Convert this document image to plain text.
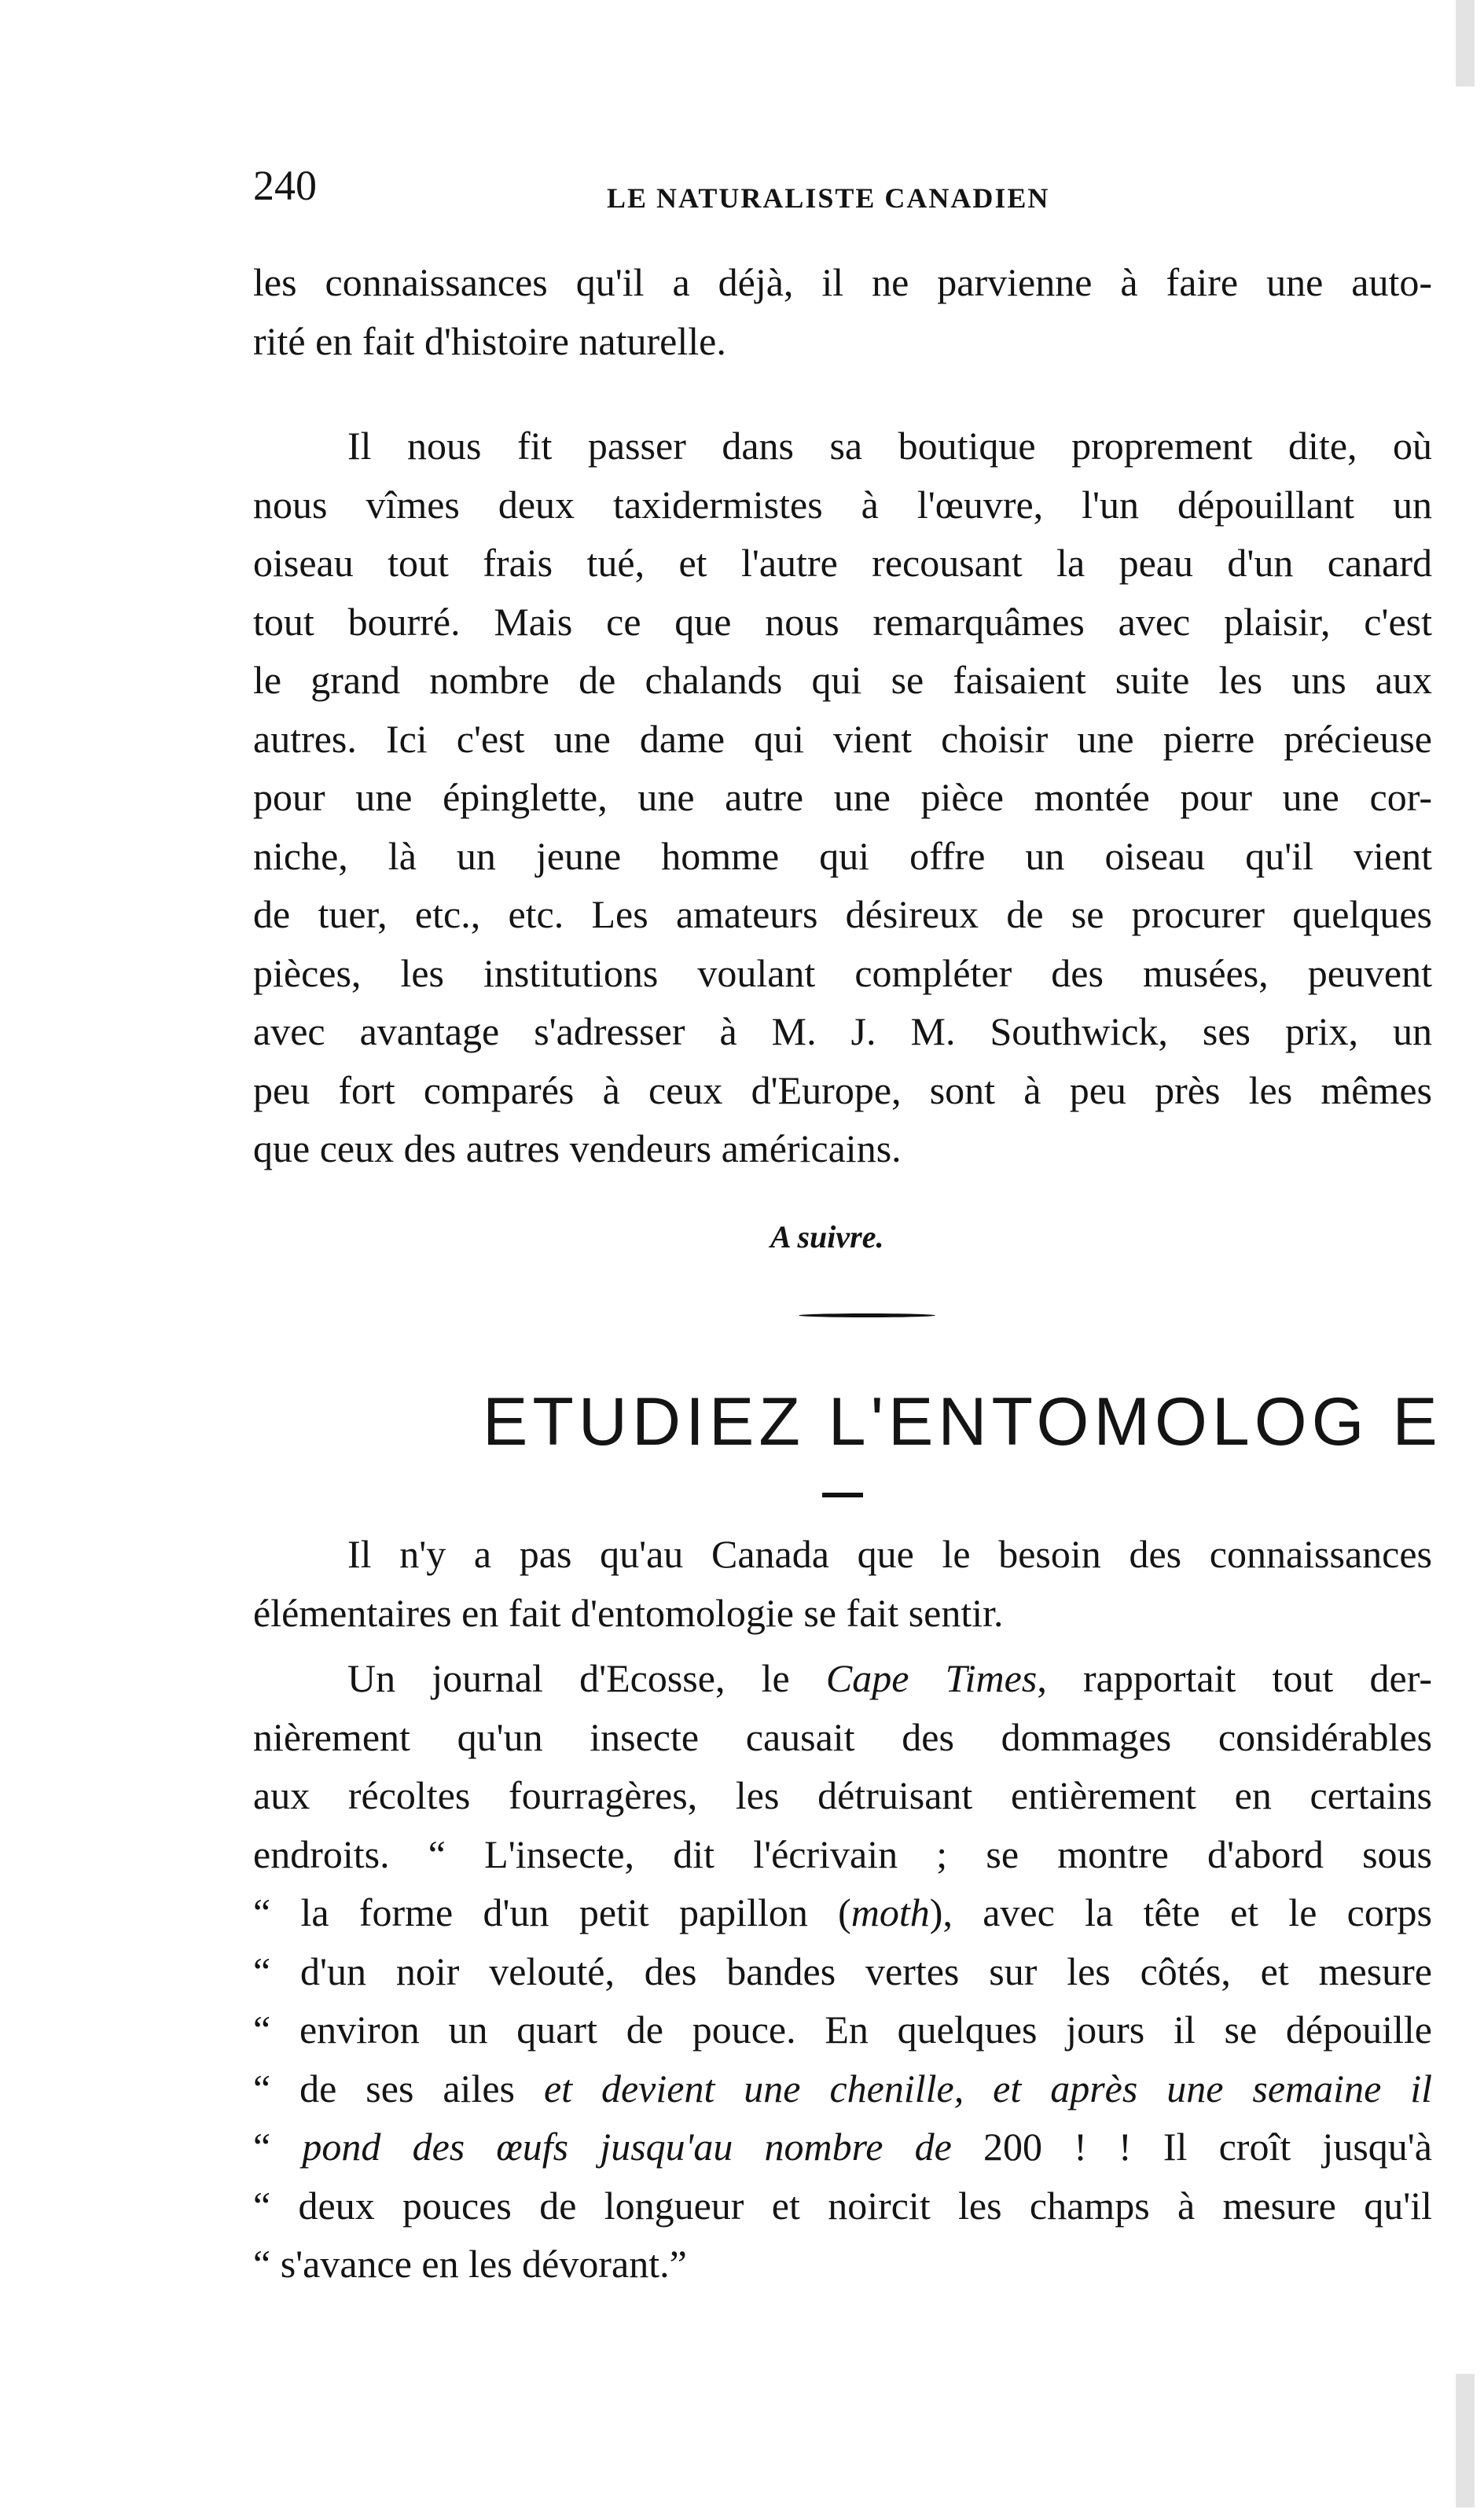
240	LE NATURALISTE CANADIEN
les connaissances qu'il a déjà, il ne parvienne à faire une auto-
rité en fait d'histoire naturelle.
Il nous fit passer dans sa boutique proprement dite, où
nous vîmes deux taxidermistes à l'œuvre, l'un dépouillant un
oiseau tout frais tué, et l'autre recousant la peau d'un canard
tout bourré. Mais ce que nous remarquâmes avec plaisir, c'est
le grand nombre de chalands qui se faisaient suite les uns aux
autres. Ici c'est une dame qui vient choisir une pierre précieuse
pour une épinglette, une autre une pièce montée pour une cor-
niche, là un jeune homme qui offre un oiseau qu'il vient
de tuer, etc., etc. Les amateurs désireux de se procurer quelques
pièces, les institutions voulant compléter des musées, peuvent
avec avantage s'adresser à M. J. M. Southwick, ses prix, un
peu fort comparés à ceux d'Europe, sont à peu près les mêmes
que ceux des autres vendeurs américains.
A suivre.
ETUDIEZ L'ENTOMOLOG E
Il n'y a pas qu'au Canada que le besoin des connaissances
élémentaires en fait d'entomologie se fait sentir.
Un journal d'Ecosse, le Cape Times, rapportait tout der-
nièrement qu'un insecte causait des dommages considérables
aux récoltes fourragères, les détruisant entièrement en certains
endroits. “ L'insecte, dit l'écrivain ; se montre d'abord sous
“ la forme d'un petit papillon (moth), avec la tête et le corps
“ d'un noir velouté, des bandes vertes sur les côtés, et mesure
“ environ un quart de pouce. En quelques jours il se dépouille
“ de ses ailes et devient une chenille, et après une semaine il
“ pond des œufs jusqu'au nombre de 200 ! ! Il croît jusqu'à
“ deux pouces de longueur et noircit les champs à mesure qu'il
“ s'avance en les dévorant.”
